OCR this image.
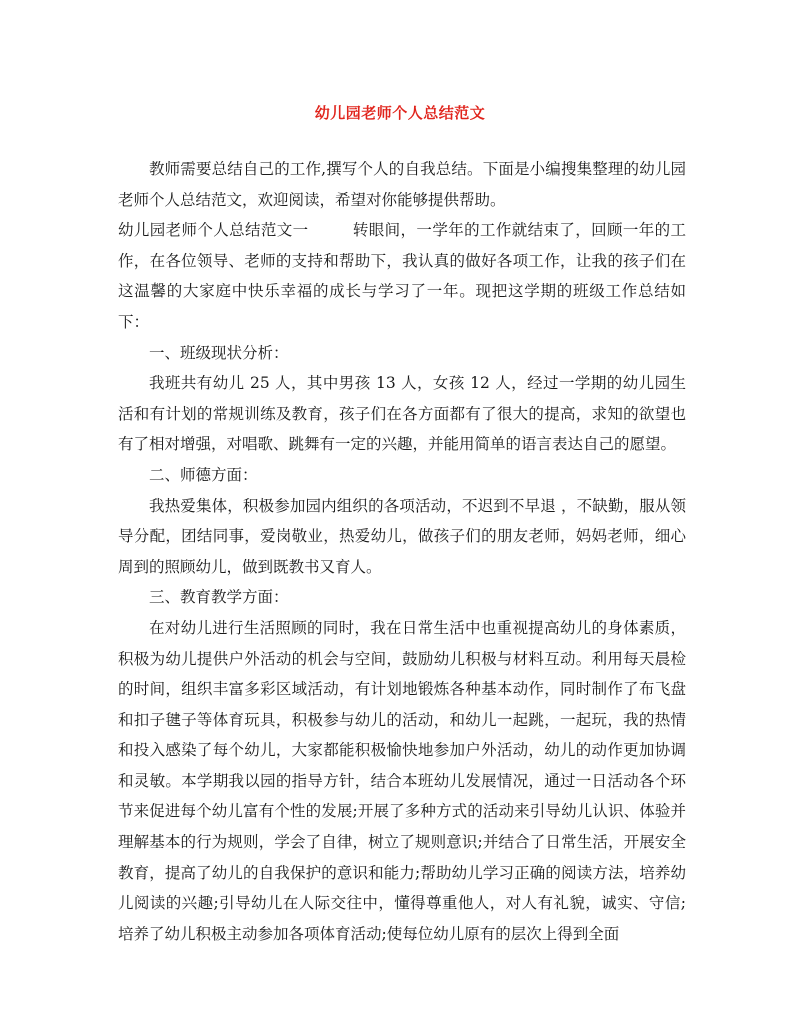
幼儿园老师个人总结范文

教师需要总结自己的工作,撰写个人的自我总结。下面是小编搜集整理的幼儿园老师个人总结范文，欢迎阅读，希望对你能够提供帮助。

幼儿园老师个人总结范文一	转眼间，一学年的工作就结束了，回顾一年的工作，在各位领导、老师的支持和帮助下，我认真的做好各项工作，让我的孩子们在这温馨的大家庭中快乐幸福的成长与学习了一年。现把这学期的班级工作总结如下：

一、班级现状分析：

我班共有幼儿 25 人，其中男孩 13 人，女孩 12 人，经过一学期的幼儿园生活和有计划的常规训练及教育，孩子们在各方面都有了很大的提高，求知的欲望也有了相对增强，对唱歌、跳舞有一定的兴趣，并能用简单的语言表达自己的愿望。

二、师德方面：

我热爱集体，积极参加园内组织的各项活动，不迟到不早退 ，不缺勤，服从领导分配，团结同事，爱岗敬业，热爱幼儿，做孩子们的朋友老师，妈妈老师，细心周到的照顾幼儿，做到既教书又育人。

三、教育教学方面：

在对幼儿进行生活照顾的同时，我在日常生活中也重视提高幼儿的身体素质，积极为幼儿提供户外活动的机会与空间，鼓励幼儿积极与材料互动。利用每天晨检的时间，组织丰富多彩区域活动，有计划地锻炼各种基本动作，同时制作了布飞盘和扣子毽子等体育玩具，积极参与幼儿的活动，和幼儿一起跳，一起玩，我的热情和投入感染了每个幼儿，大家都能积极愉快地参加户外活动，幼儿的动作更加协调和灵敏。本学期我以园的指导方针，结合本班幼儿发展情况，通过一日活动各个环节来促进每个幼儿富有个性的发展;开展了多种方式的活动来引导幼儿认识、体验并理解基本的行为规则，学会了自律，树立了规则意识;并结合了日常生活，开展安全教育，提高了幼儿的自我保护的意识和能力;帮助幼儿学习正确的阅读方法，培养幼儿阅读的兴趣;引导幼儿在人际交往中，懂得尊重他人，对人有礼貌，诚实、守信;培养了幼儿积极主动参加各项体育活动;使每位幼儿原有的层次上得到全面
